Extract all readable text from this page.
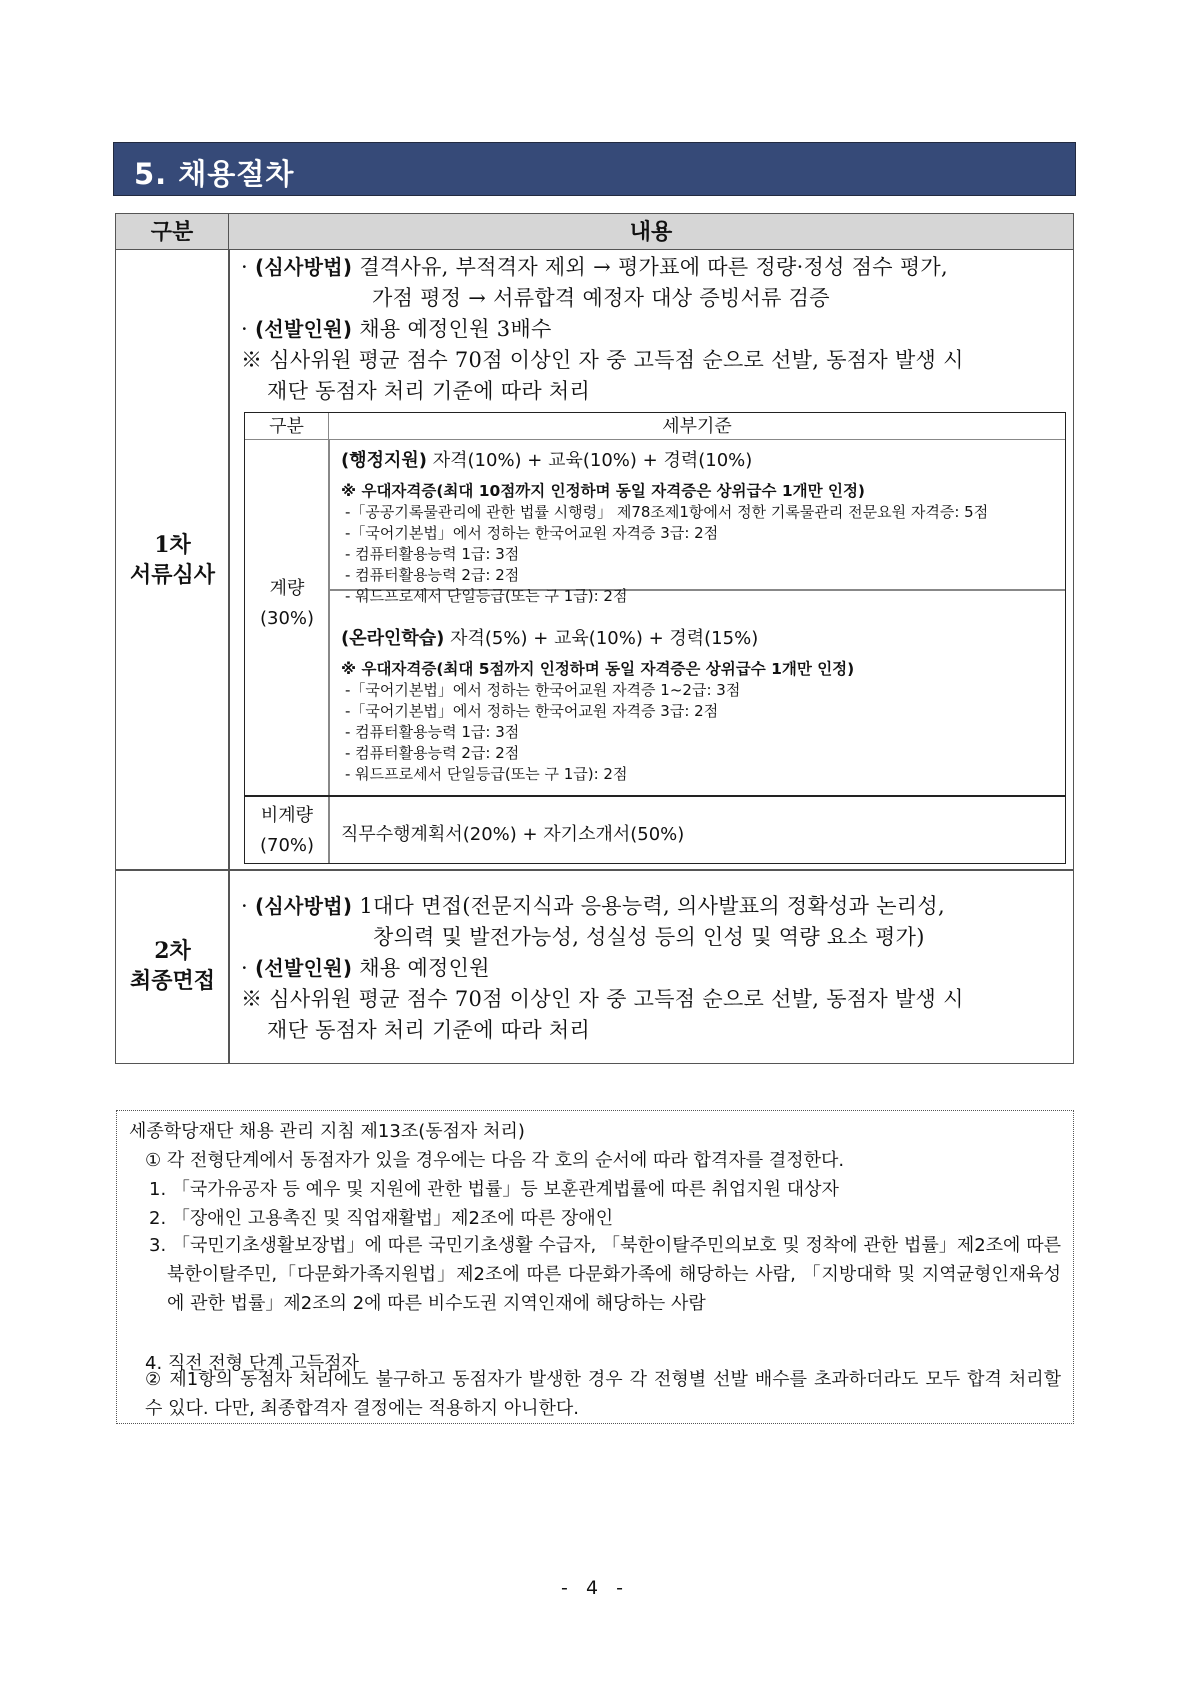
5. 채용절차
구분	내용
1차
서류심사
· (심사방법) 결격사유, 부적격자 제외 → 평가표에 따른 정량·정성 점수 평가,
가점 평정 → 서류합격 예정자 대상 증빙서류 검증
· (선발인원) 채용 예정인원 3배수
※ 심사위원 평균 점수 70점 이상인 자 중 고득점 순으로 선발, 동점자 발생 시
재단 동점자 처리 기준에 따라 처리
구분	세부기준
계량
(30%)
(행정지원) 자격(10%) + 교육(10%) + 경력(10%)
※ 우대자격증(최대 10점까지 인정하며 동일 자격증은 상위급수 1개만 인정)
-「공공기록물관리에 관한 법률 시행령」 제78조제1항에서 정한 기록물관리 전문요원 자격증: 5점
-「국어기본법」에서 정하는 한국어교원 자격증 3급: 2점
- 컴퓨터활용능력 1급: 3점
- 컴퓨터활용능력 2급: 2점
- 워드프로세서 단일등급(또는 구 1급): 2점
(온라인학습) 자격(5%) + 교육(10%) + 경력(15%)
※ 우대자격증(최대 5점까지 인정하며 동일 자격증은 상위급수 1개만 인정)
-「국어기본법」에서 정하는 한국어교원 자격증 1~2급: 3점
-「국어기본법」에서 정하는 한국어교원 자격증 3급: 2점
- 컴퓨터활용능력 1급: 3점
- 컴퓨터활용능력 2급: 2점
- 워드프로세서 단일등급(또는 구 1급): 2점
비계량
(70%)
직무수행계획서(20%) + 자기소개서(50%)
2차
최종면접
· (심사방법) 1대다 면접(전문지식과 응용능력, 의사발표의 정확성과 논리성,
창의력 및 발전가능성, 성실성 등의 인성 및 역량 요소 평가)
· (선발인원) 채용 예정인원
※ 심사위원 평균 점수 70점 이상인 자 중 고득점 순으로 선발, 동점자 발생 시
재단 동점자 처리 기준에 따라 처리
세종학당재단 채용 관리 지침 제13조(동점자 처리)
① 각 전형단계에서 동점자가 있을 경우에는 다음 각 호의 순서에 따라 합격자를 결정한다.
1. 「국가유공자 등 예우 및 지원에 관한 법률」등 보훈관계법률에 따른 취업지원 대상자
2. 「장애인 고용촉진 및 직업재활법」제2조에 따른 장애인
3. 「국민기초생활보장법」에 따른 국민기초생활 수급자, 「북한이탈주민의보호 및 정착에 관한 법률」제2조에 따른 북한이탈주민,「다문화가족지원법」제2조에 따른 다문화가족에 해당하는 사람, 「지방대학 및 지역균형인재육성에 관한 법률」제2조의 2에 따른 비수도권 지역인재에 해당하는 사람
4. 직전 전형 단계 고득점자
② 제1항의 동점자 처리에도 불구하고 동점자가 발생한 경우 각 전형별 선발 배수를 초과하더라도 모두 합격 처리할 수 있다. 다만, 최종합격자 결정에는 적용하지 아니한다.
- 4 -
